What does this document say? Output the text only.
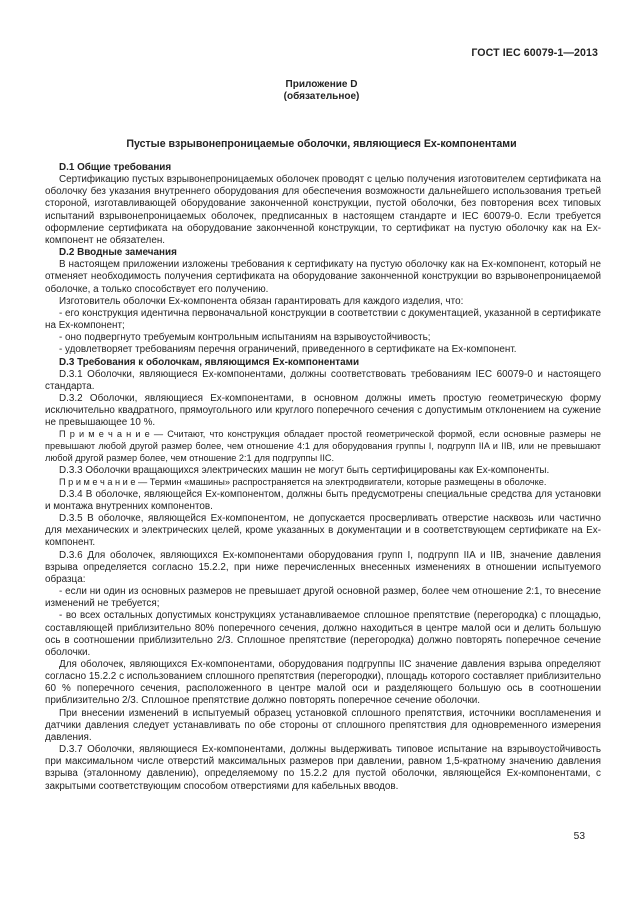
ГОСТ IEC 60079-1—2013
Приложение D
(обязательное)
Пустые взрывонепроницаемые оболочки, являющиеся Ex-компонентами

D.1 Общие требования

Сертификацию пустых взрывонепроницаемых оболочек проводят с целью получения изготовителем сертификата на оболочку без указания внутреннего оборудования для обеспечения возможности дальнейшего использования третьей стороной, изготавливающей оборудование законченной конструкции, пустой оболочки, без повторения всех типовых испытаний взрывонепроницаемых оболочек, предписанных в настоящем стандарте и IEC 60079-0. Если требуется оформление сертификата на оборудование законченной конструкции, то сертификат на пустую оболочку как на Ex-компонент не обязателен.

D.2 Вводные замечания

В настоящем приложении изложены требования к сертификату на пустую оболочку как на Ex-компонент, который не отменяет необходимость получения сертификата на оборудование законченной конструкции во взрывонепроницаемой оболочке, а только способствует его получению.

Изготовитель оболочки Ex-компонента обязан гарантировать для каждого изделия, что:

- его конструкция идентична первоначальной конструкции в соответствии с документацией, указанной в сертификате на Ex-компонент;

- оно подвергнуто требуемым контрольным испытаниям на взрывоустойчивость;

- удовлетворяет требованиям перечня ограничений, приведенного в сертификате на Ex-компонент.

D.3 Требования к оболочкам, являющимся Ex-компонентами

D.3.1 Оболочки, являющиеся Ex-компонентами, должны соответствовать требованиям IEC 60079-0 и настоящего стандарта.

D.3.2 Оболочки, являющиеся Ex-компонентами, в основном должны иметь простую геометрическую форму исключительно квадратного, прямоугольного или круглого поперечного сечения с допустимым отклонением на сужение не превышающее 10 %.

П р и м е ч а н и е — Считают, что конструкция обладает простой геометрической формой, если основные размеры не превышают любой другой размер более, чем отношение 4:1 для оборудования группы I, подгрупп IIA и IIB, или не превышают любой другой размер более, чем отношение 2:1 для подгруппы IIC.

D.3.3 Оболочки вращающихся электрических машин не могут быть сертифицированы как Ex-компоненты.

П р и м е ч а н и е — Термин «машины» распространяется на электродвигатели, которые размещены в оболочке.

D.3.4 В оболочке, являющейся Ex-компонентом, должны быть предусмотрены специальные средства для установки и монтажа внутренних компонентов.

D.3.5 В оболочке, являющейся Ex-компонентом, не допускается просверливать отверстие насквозь или частично для механических и электрических целей, кроме указанных в документации и в соответствующем сертификате на Ex-компонент.

D.3.6 Для оболочек, являющихся Ex-компонентами оборудования групп I, подгрупп IIA и IIB, значение давления взрыва определяется согласно 15.2.2, при ниже перечисленных внесенных изменениях в отношении испытуемого образца:

- если ни один из основных размеров не превышает другой основной размер, более чем отношение 2:1, то внесение изменений не требуется;

- во всех остальных допустимых конструкциях устанавливаемое сплошное препятствие (перегородка) с площадью, составляющей приблизительно 80% поперечного сечения, должно находиться в центре малой оси и делить большую ось в соотношении приблизительно 2/3. Сплошное препятствие (перегородка) должно повторять поперечное сечение оболочки.

Для оболочек, являющихся Ex-компонентами, оборудования подгруппы IIC значение давления взрыва определяют согласно 15.2.2 с использованием сплошного препятствия (перегородки), площадь которого составляет приблизительно 60 % поперечного сечения, расположенного в центре малой оси и разделяющего большую ось в соотношении приблизительно 2/3. Сплошное препятствие должно повторять поперечное сечение оболочки.

При внесении изменений в испытуемый образец установкой сплошного препятствия, источники воспламенения и датчики давления следует устанавливать по обе стороны от сплошного препятствия для одновременного измерения давления.

D.3.7 Оболочки, являющиеся Ex-компонентами, должны выдерживать типовое испытание на взрывоустойчивость при максимальном числе отверстий максимальных размеров при давлении, равном 1,5-кратному значению давления взрыва (эталонному давлению), определяемому по 15.2.2 для пустой оболочки, являющейся Ex-компонентами, с закрытыми соответствующим способом отверстиями для кабельных вводов.

53
